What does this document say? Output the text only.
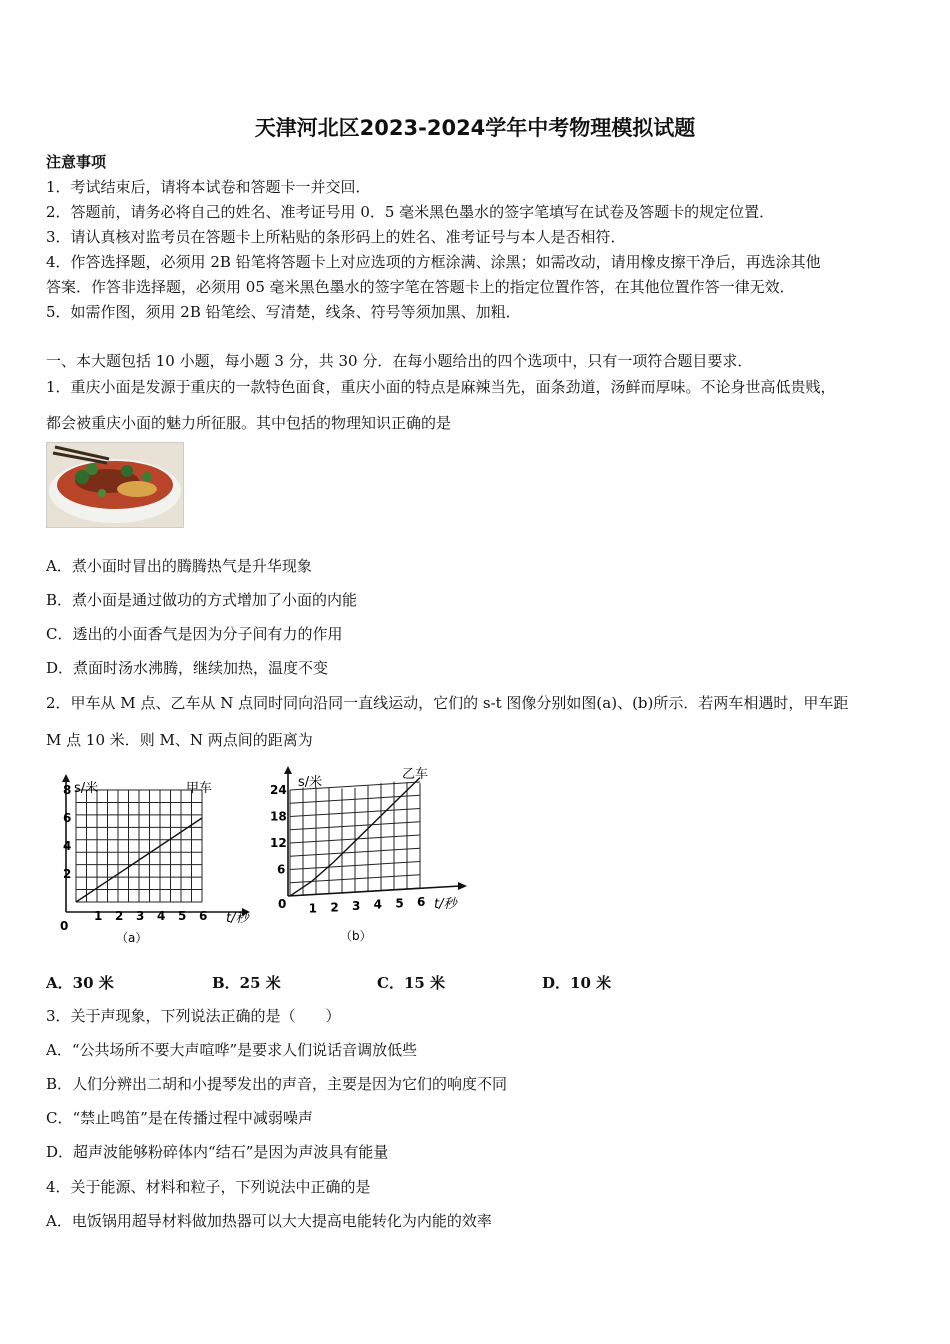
天津河北区2023-2024学年中考物理模拟试题
注意事项
1．考试结束后，请将本试卷和答题卡一并交回．
2．答题前，请务必将自己的姓名、准考证号用 0．5 毫米黑色墨水的签字笔填写在试卷及答题卡的规定位置．
3．请认真核对监考员在答题卡上所粘贴的条形码上的姓名、准考证号与本人是否相符．
4．作答选择题，必须用 2B 铅笔将答题卡上对应选项的方框涂满、涂黑；如需改动，请用橡皮擦干净后，再选涂其他
答案．作答非选择题，必须用 05 毫米黑色墨水的签字笔在答题卡上的指定位置作答，在其他位置作答一律无效．
5．如需作图，须用 2B 铅笔绘、写清楚，线条、符号等须加黑、加粗．
一、本大题包括 10 小题，每小题 3 分，共 30 分．在每小题给出的四个选项中，只有一项符合题目要求．
1．重庆小面是发源于重庆的一款特色面食，重庆小面的特点是麻辣当先，面条劲道，汤鲜而厚味。不论身世高低贵贱，
都会被重庆小面的魅力所征服。其中包括的物理知识正确的是
A．煮小面时冒出的腾腾热气是升华现象
B．煮小面是通过做功的方式增加了小面的内能
C．透出的小面香气是因为分子间有力的作用
D．煮面时汤水沸腾，继续加热，温度不变
2．甲车从 M 点、乙车从 N 点同时同向沿同一直线运动，它们的 s-t 图像分别如图(a)、(b)所示．若两车相遇时，甲车距
M 点 10 米．则 M、N 两点间的距离为
s/米	甲车
0	t/秒
（a）
1 2 3 4 5 6
2
4
6
8	s/米
乙车
0	t/秒
（b）
1 2 3 4 5 6
6
12
18
24
A．30 米	B．25 米	C．15 米	D．10 米
3．关于声现象，下列说法正确的是（　　）
A．“公共场所不要大声喧哗”是要求人们说话音调放低些
B．人们分辨出二胡和小提琴发出的声音，主要是因为它们的响度不同
C．“禁止鸣笛”是在传播过程中减弱噪声
D．超声波能够粉碎体内“结石”是因为声波具有能量
4．关于能源、材料和粒子，下列说法中正确的是
A．电饭锅用超导材料做加热器可以大大提高电能转化为内能的效率
